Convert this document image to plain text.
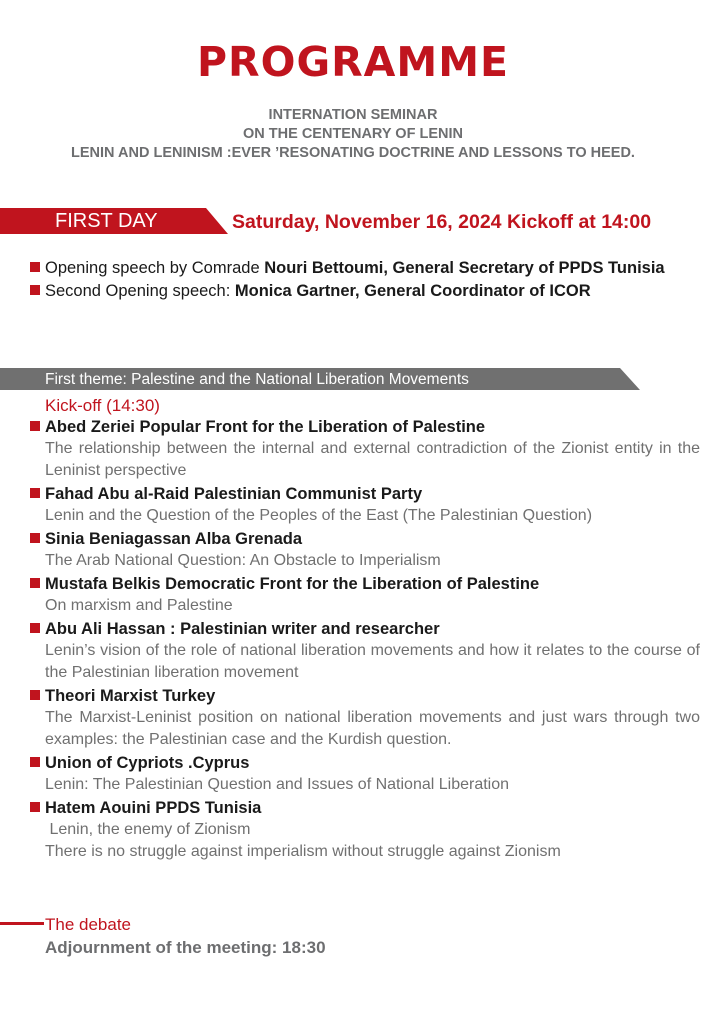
PROGRAMME
INTERNATION SEMINAR
ON THE CENTENARY OF LENIN
LENIN AND LENINISM :EVER ’RESONATING DOCTRINE AND LESSONS TO HEED.
FIRST DAY	Saturday, November 16, 2024 Kickoff at 14:00
Opening speech by Comrade Nouri Bettoumi, General Secretary of PPDS Tunisia
Second Opening speech: Monica Gartner, General Coordinator of ICOR
First theme: Palestine and the National Liberation Movements
Kick-off (14:30)
Abed Zeriei Popular Front for the Liberation of Palestine
The relationship between the internal and external contradiction of the Zionist entity in the Leninist perspective
Fahad Abu al-Raid Palestinian Communist Party
Lenin and the Question of the Peoples of the East (The Palestinian Question)
Sinia Beniagassan Alba Grenada
The Arab National Question: An Obstacle to Imperialism
Mustafa Belkis Democratic Front for the Liberation of Palestine
On marxism and Palestine
Abu Ali Hassan : Palestinian writer and researcher
Lenin’s vision of the role of national liberation movements and how it relates to the course of the Palestinian liberation movement
Theori Marxist Turkey
The Marxist-Leninist position on national liberation movements and just wars through two examples: the Palestinian case and the Kurdish question.
Union of Cypriots .Cyprus
Lenin: The Palestinian Question and Issues of National Liberation
Hatem Aouini PPDS Tunisia
Lenin, the enemy of Zionism
There is no struggle against imperialism without struggle against Zionism
The debate
Adjournment of the meeting: 18:30
